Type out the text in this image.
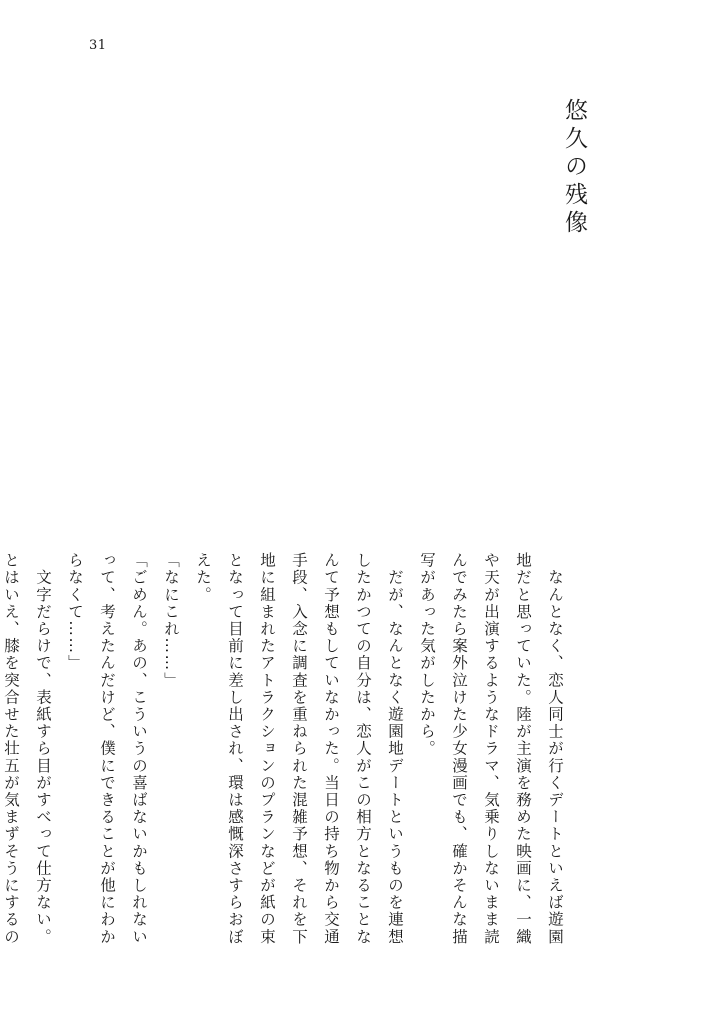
31
悠久の残像

　なんとなく、恋人同士が行くデートといえば遊園地だと思っていた。陸が主演を務めた映画に、一織や天が出演するようなドラマ、気乗りしないまま読んでみたら案外泣けた少女漫画でも、確かそんな描写があった気がしたから。

　だが、なんとなく遊園地デートというものを連想したかつての自分は、恋人がこの相方となることなんて予想もしていなかった。当日の持ち物から交通手段、入念に調査を重ねられた混雑予想、それを下地に組まれたアトラクションのプランなどが紙の束となって目前に差し出され、環は感慨深さすらおぼえた。

「なにこれ……」

「ごめん。あの、こういうの喜ばないかもしれないって、考えたんだけど、僕にできることが他にわからなくて……」

　文字だらけで、表紙すら目がすべって仕方ない。とはいえ、膝を突合せた壮五が気まずそうにするの
